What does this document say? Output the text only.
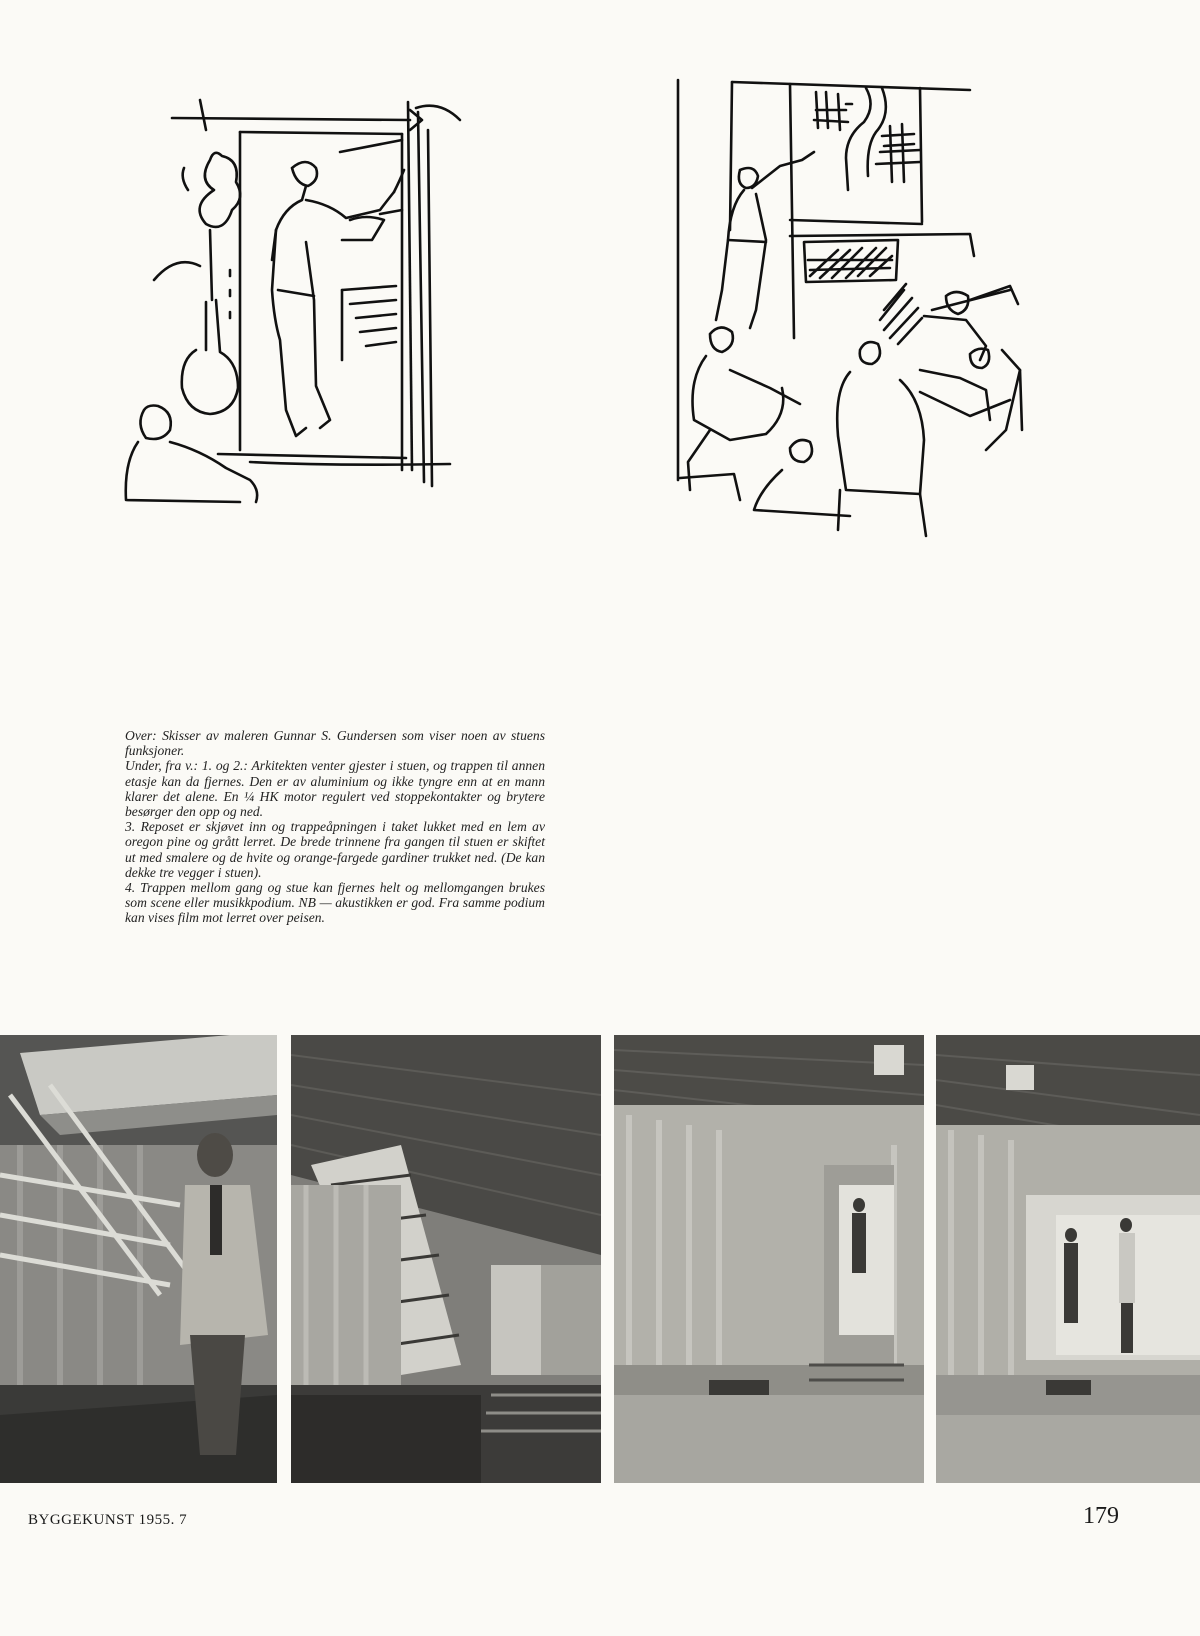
Over: Skisser av maleren Gunnar S. Gundersen som viser noen av stuens funksjoner.

Under, fra v.: 1. og 2.: Arkitekten venter gjester i stuen, og trappen til annen etasje kan da fjernes. Den er av aluminium og ikke tyngre enn at en mann klarer det alene. En ¼ HK motor regulert ved stoppekontakter og brytere besørger den opp og ned.

3. Reposet er skjøvet inn og trappeåpningen i taket lukket med en lem av oregon pine og grått lerret. De brede trinnene fra gangen til stuen er skiftet ut med smalere og de hvite og orange-fargede gardiner trukket ned. (De kan dekke tre vegger i stuen).

4. Trappen mellom gang og stue kan fjernes helt og mellomgangen brukes som scene eller musikkpodium. NB — akustikken er god. Fra samme podium kan vises film mot lerret over peisen.

BYGGEKUNST 1955. 7	179
